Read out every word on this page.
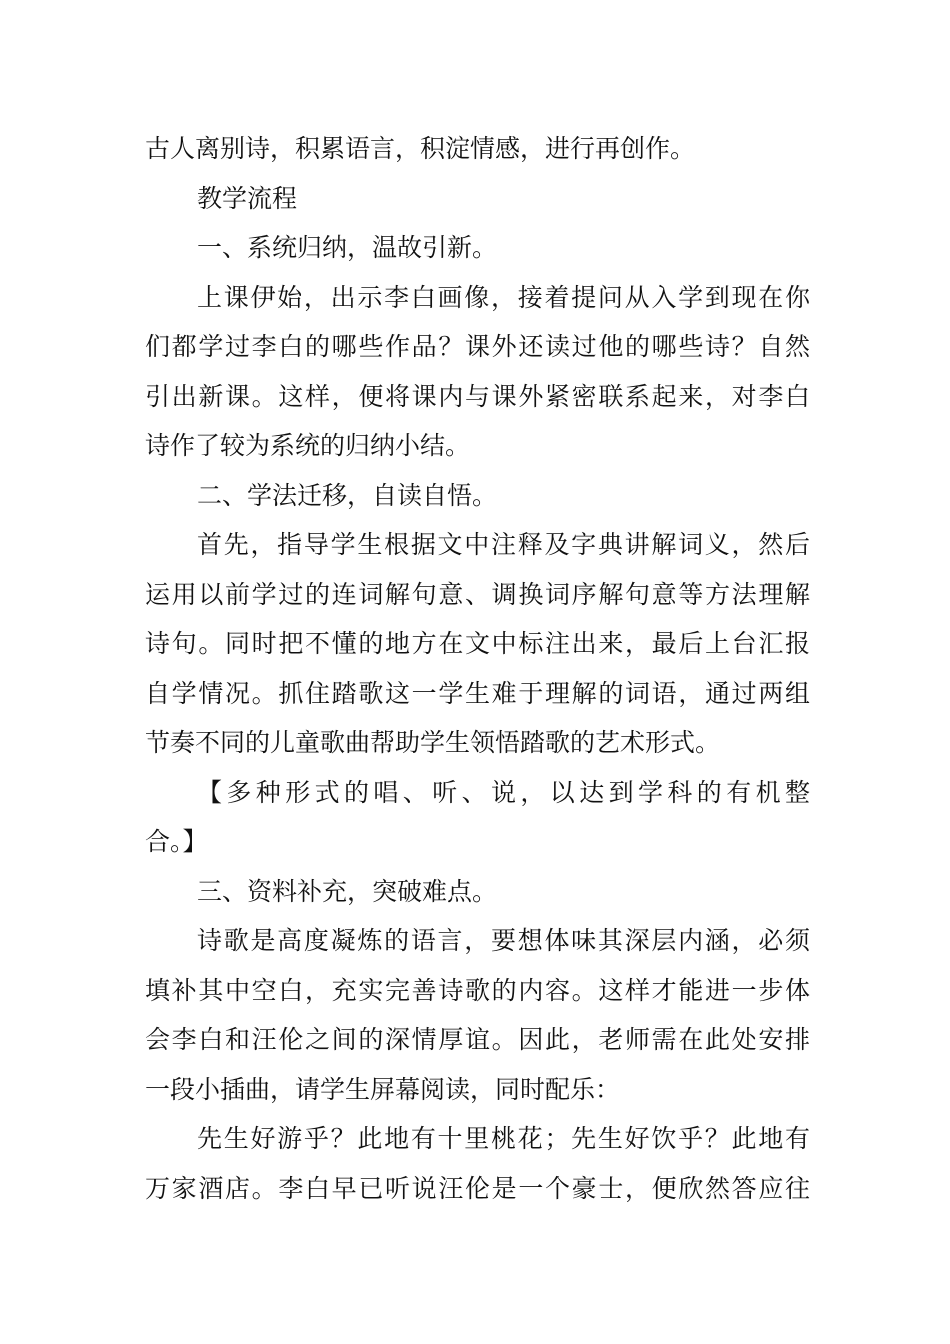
古人离别诗，积累语言，积淀情感，进行再创作。
教学流程
一、系统归纳，温故引新。
上课伊始，出示李白画像，接着提问从入学到现在你
们都学过李白的哪些作品？课外还读过他的哪些诗？自然
引出新课。这样，便将课内与课外紧密联系起来，对李白
诗作了较为系统的归纳小结。
二、学法迁移，自读自悟。
首先，指导学生根据文中注释及字典讲解词义，然后
运用以前学过的连词解句意、调换词序解句意等方法理解
诗句。同时把不懂的地方在文中标注出来，最后上台汇报
自学情况。抓住踏歌这一学生难于理解的词语，通过两组
节奏不同的儿童歌曲帮助学生领悟踏歌的艺术形式。
【多种形式的唱、听、说，以达到学科的有机整
合。】
三、资料补充，突破难点。
诗歌是高度凝炼的语言，要想体味其深层内涵，必须
填补其中空白，充实完善诗歌的内容。这样才能进一步体
会李白和汪伦之间的深情厚谊。因此，老师需在此处安排
一段小插曲，请学生屏幕阅读，同时配乐：
先生好游乎？此地有十里桃花；先生好饮乎？此地有
万家酒店。李白早已听说汪伦是一个豪士，便欣然答应往
